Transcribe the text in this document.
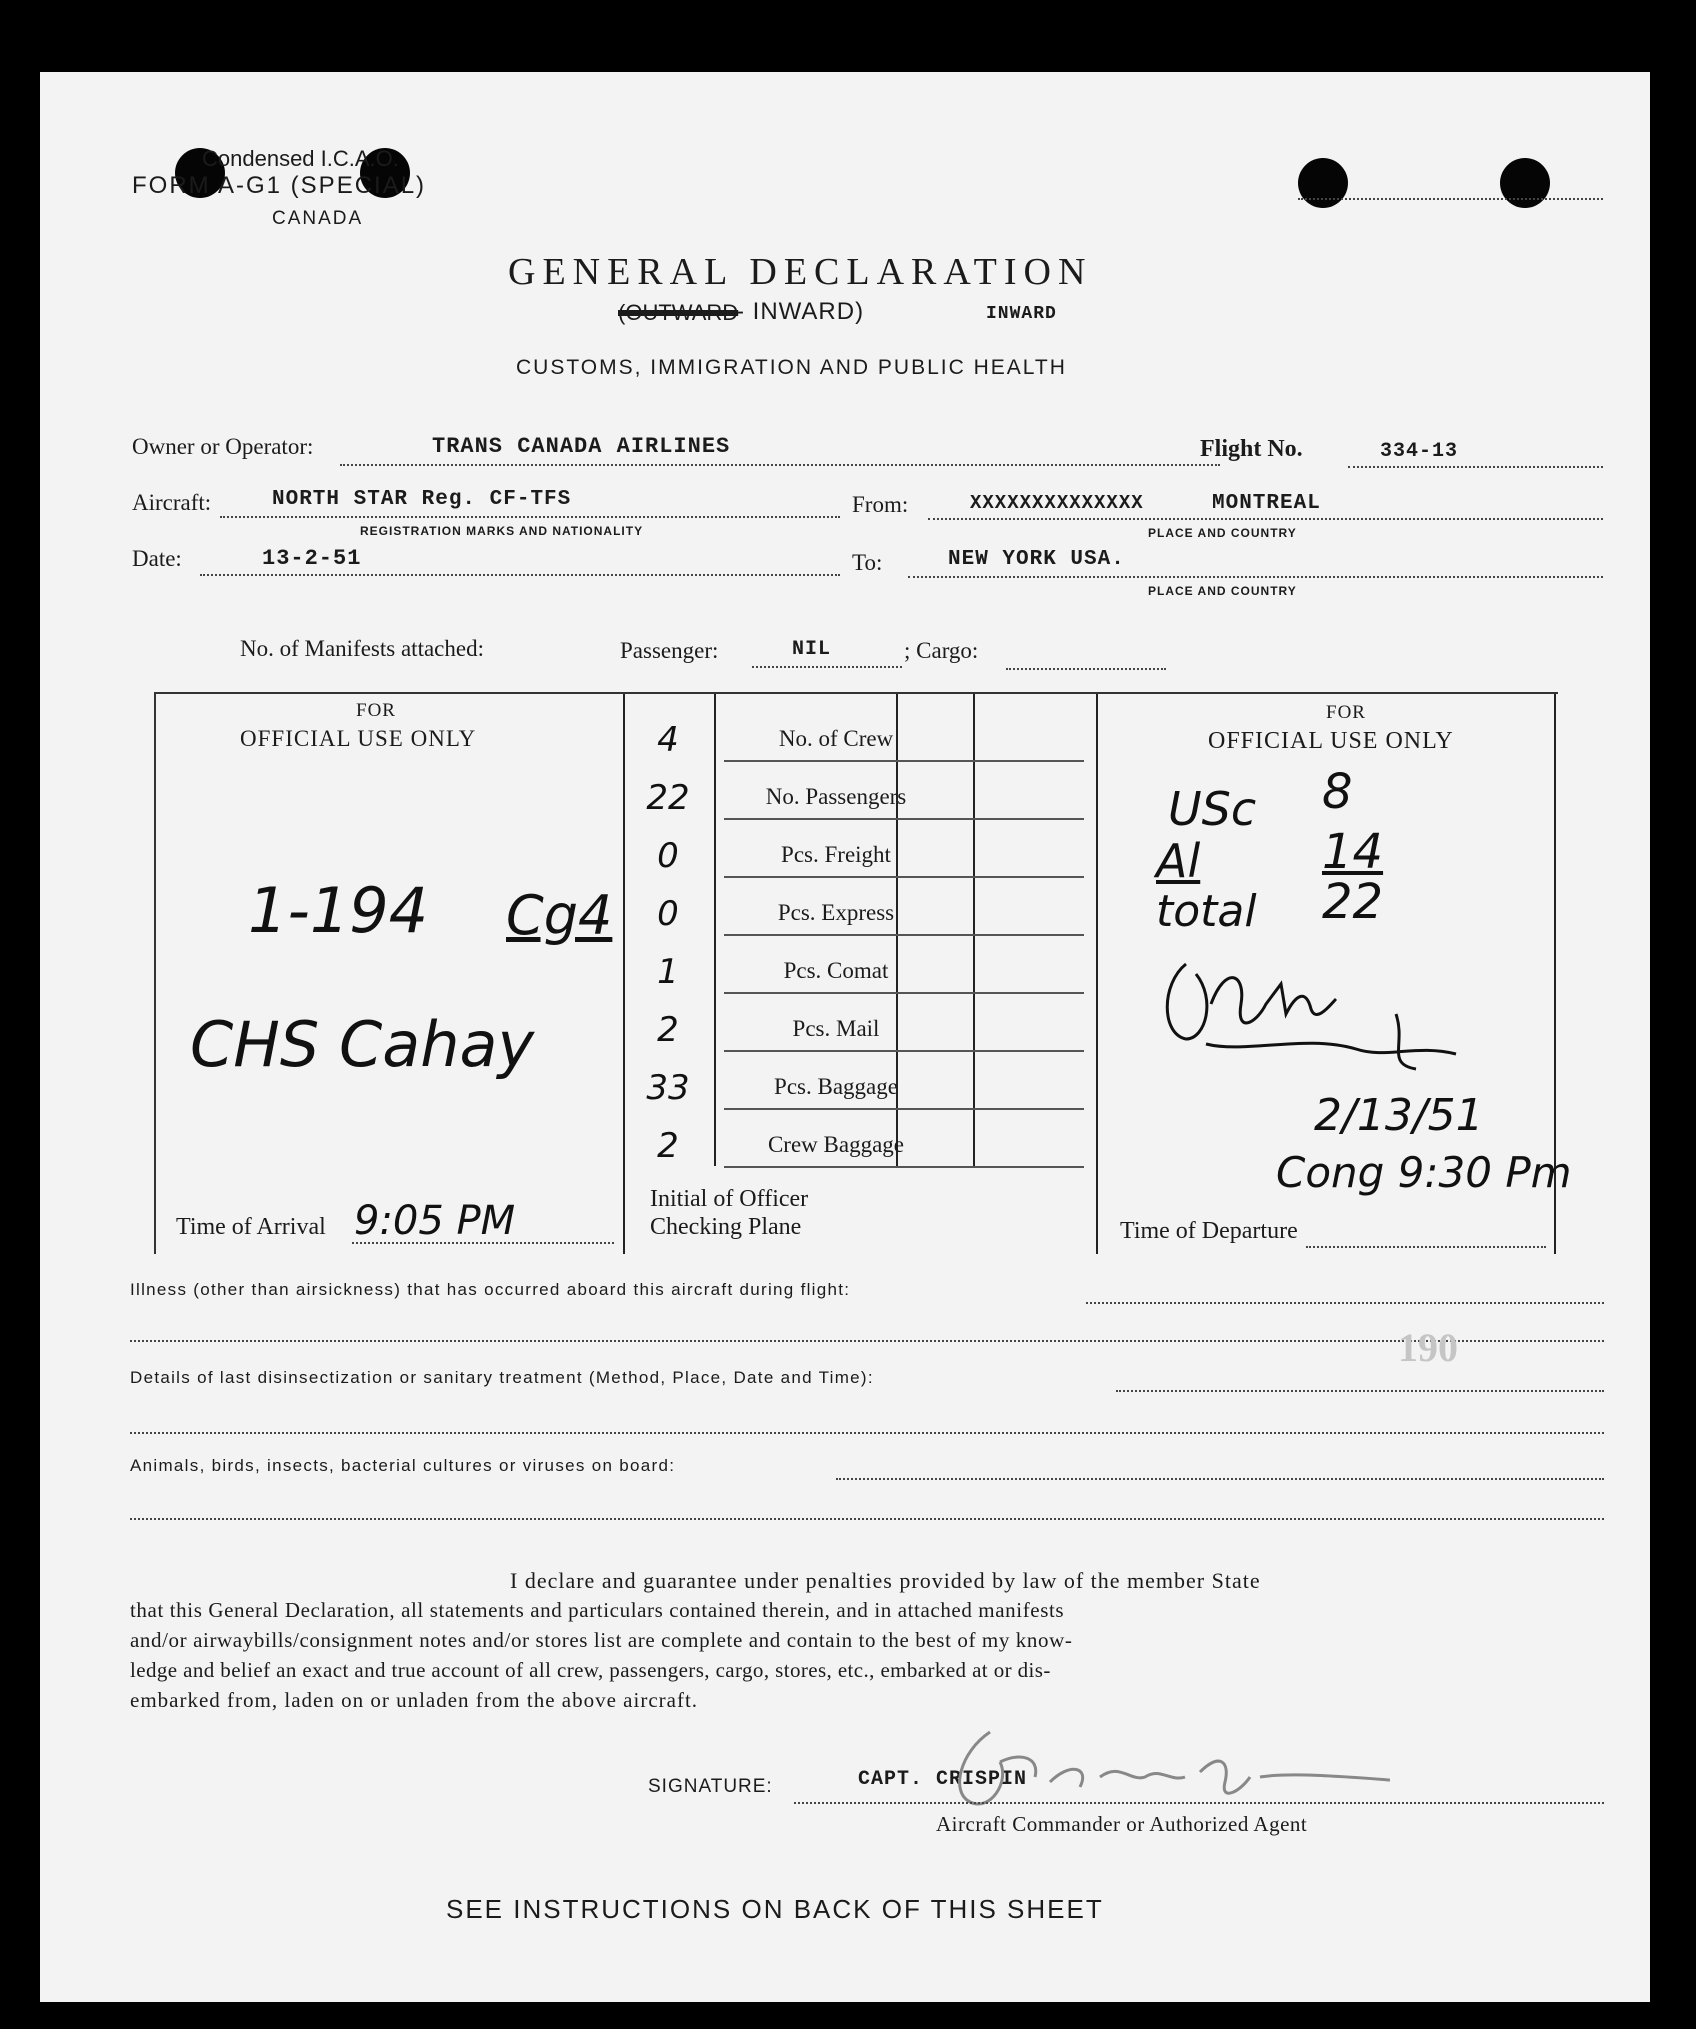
Condensed I.C.A.O.
FORM A-G1 (SPECIAL)
CANADA
GENERAL DECLARATION
(OUTWARD
- INWARD)	INWARD
CUSTOMS, IMMIGRATION AND PUBLIC HEALTH
Owner or Operator:	TRANS CANADA AIRLINES	Flight No.	334-13
Aircraft:	NORTH STAR Reg. CF-TFS
REGISTRATION MARKS AND NATIONALITY
From:	XXXXXXXXXXXXXX	MONTREAL
PLACE AND COUNTRY
Date:	13-2-51	To:	NEW YORK USA.
PLACE AND COUNTRY
No. of Manifests attached:	Passenger:	NIL	; Cargo:
FOR
OFFICIAL USE ONLY
1-194 Cg4
CHS Cahay
Time of Arrival 9:05 PM	Initial of Officer
Checking Plane
FOR
OFFICIAL USE ONLY
USc 8
Al	14
total 22
2/13/51
Cong 9:30 Pm
Time of Departure
4	No. of Crew
22	No. Passengers
0	Pcs. Freight
0	Pcs. Express
1	Pcs. Comat
2	Pcs. Mail
33	Pcs. Baggage
2	Crew Baggage
Illness (other than airsickness) that has occurred aboard this aircraft during flight:
190
Details of last disinsectization or sanitary treatment (Method, Place, Date and Time):
Animals, birds, insects, bacterial cultures or viruses on board:
I declare and guarantee under penalties provided by law of the member State
that this General Declaration, all statements and particulars contained therein, and in attached manifests
and/or airwaybills/consignment notes and/or stores list are complete and contain to the best of my know-
ledge and belief an exact and true account of all crew, passengers, cargo, stores, etc., embarked at or dis-
embarked from, laden on or unladen from the above aircraft.
SIGNATURE:	CAPT. CRISPIN
Aircraft Commander or Authorized Agent
SEE INSTRUCTIONS ON BACK OF THIS SHEET
